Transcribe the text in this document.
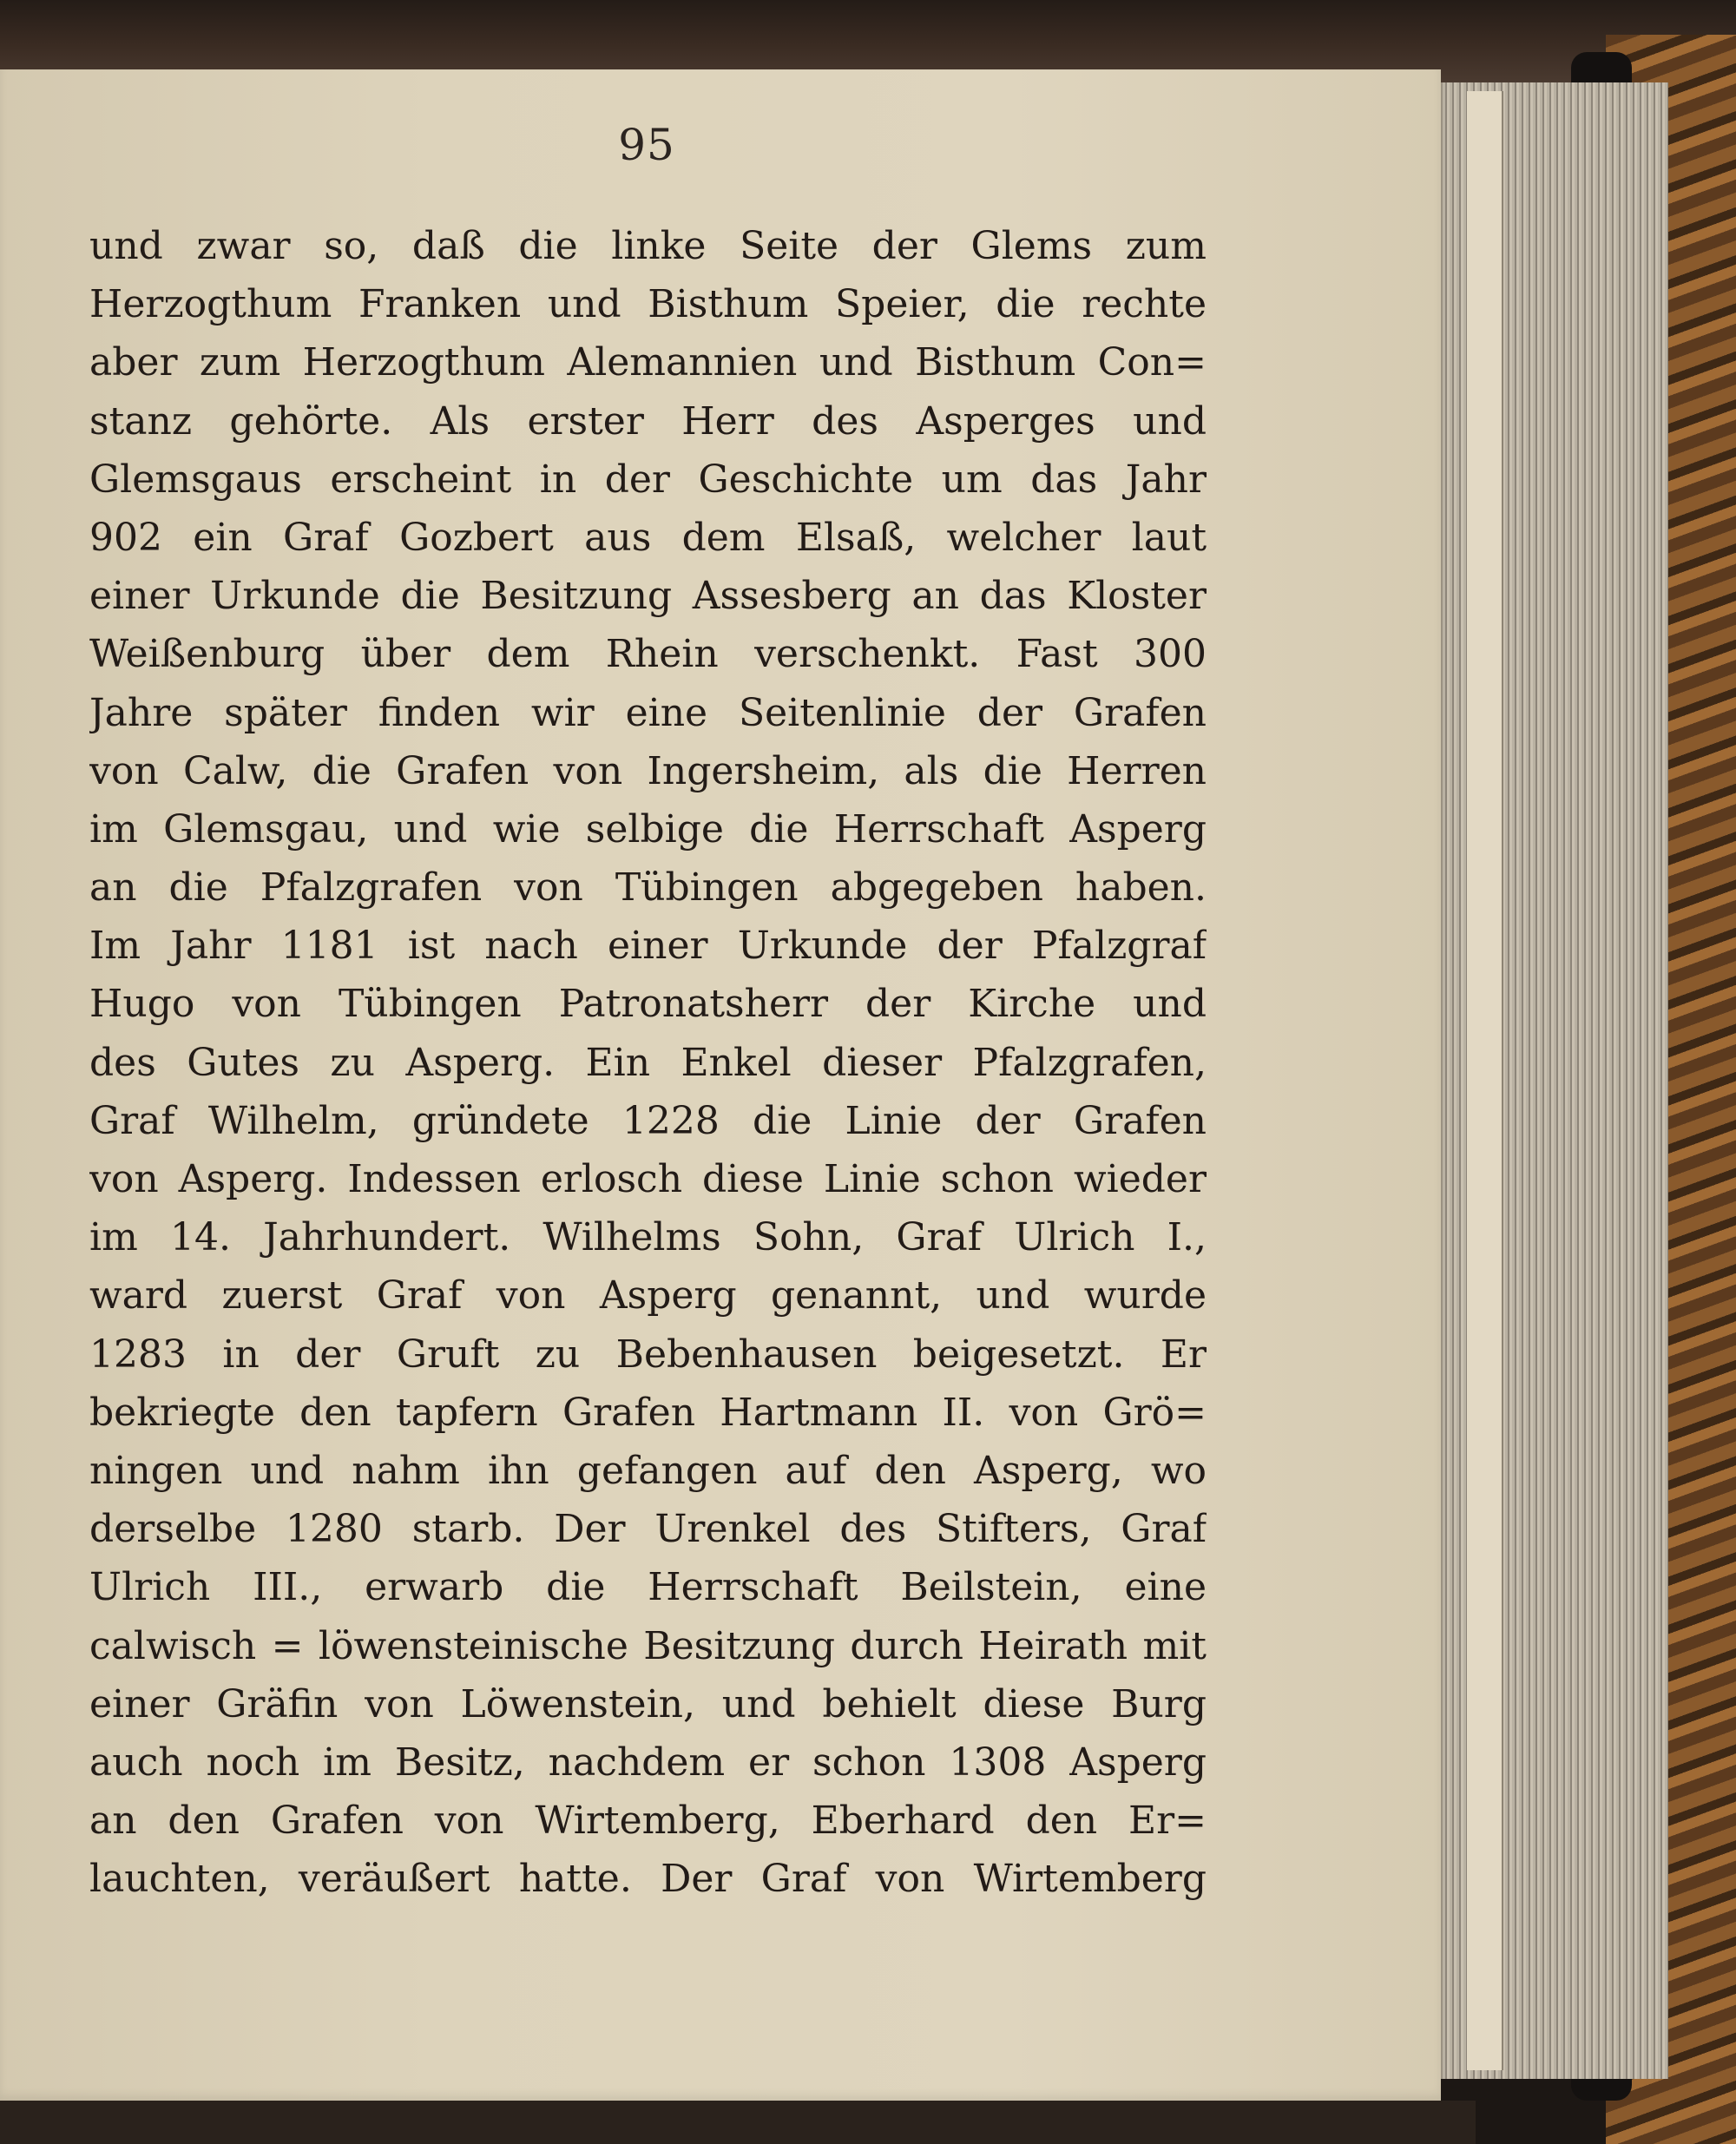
95
und zwar so, daß die linke Seite der Glems zum
Herzogthum Franken und Bisthum Speier, die rechte
aber zum Herzogthum Alemannien und Bisthum Con=
stanz gehörte. Als erster Herr des Asperges und
Glemsgaus erscheint in der Geschichte um das Jahr
902 ein Graf Gozbert aus dem Elsaß, welcher laut
einer Urkunde die Besitzung Assesberg an das Kloster
Weißenburg über dem Rhein verschenkt. Fast 300
Jahre später finden wir eine Seitenlinie der Grafen
von Calw, die Grafen von Ingersheim, als die Herren
im Glemsgau, und wie selbige die Herrschaft Asperg
an die Pfalzgrafen von Tübingen abgegeben haben.
Im Jahr 1181 ist nach einer Urkunde der Pfalzgraf
Hugo von Tübingen Patronatsherr der Kirche und
des Gutes zu Asperg. Ein Enkel dieser Pfalzgrafen,
Graf Wilhelm, gründete 1228 die Linie der Grafen
von Asperg. Indessen erlosch diese Linie schon wieder
im 14. Jahrhundert. Wilhelms Sohn, Graf Ulrich I.,
ward zuerst Graf von Asperg genannt, und wurde
1283 in der Gruft zu Bebenhausen beigesetzt. Er
bekriegte den tapfern Grafen Hartmann II. von Grö=
ningen und nahm ihn gefangen auf den Asperg, wo
derselbe 1280 starb. Der Urenkel des Stifters, Graf
Ulrich III., erwarb die Herrschaft Beilstein, eine
calwisch = löwensteinische Besitzung durch Heirath mit
einer Gräfin von Löwenstein, und behielt diese Burg
auch noch im Besitz, nachdem er schon 1308 Asperg
an den Grafen von Wirtemberg, Eberhard den Er=
lauchten, veräußert hatte. Der Graf von Wirtemberg
